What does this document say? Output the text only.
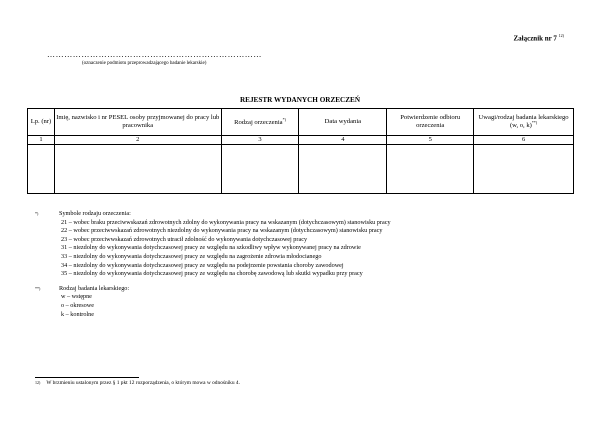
Załącznik nr 7 $^{12)}$
…………………………………………………………………
(oznaczenie podmiotu przeprowadzającego badanie lekarskie)
REJESTR WYDANYCH ORZECZEŃ
Lp. (nr)	Imię, nazwisko i nr PESEL osoby przyjmowanej do pracy lub pracownika	Rodzaj orzeczenia*)	Data wydania	Potwierdzenie odbioru orzeczenia	Uwagi/rodzaj badania lekarskiego (w, o, k)**)
1	2	3	4	5	6

*)	Symbole rodzaju orzeczenia:
21 – wobec braku przeciwwskazań zdrowotnych zdolny do wykonywania pracy na wskazanym (dotychczasowym) stanowisku pracy
22 – wobec przeciwwskazań zdrowotnych niezdolny do wykonywania pracy na wskazanym (dotychczasowym) stanowisku pracy
23 – wobec przeciwwskazań zdrowotnych utracił zdolność do wykonywania dotychczasowej pracy
31 – niezdolny do wykonywania dotychczasowej pracy ze względu na szkodliwy wpływ wykonywanej pracy na zdrowie
33 – niezdolny do wykonywania dotychczasowej pracy ze względu na zagrożenie zdrowia młodocianego
34 – niezdolny do wykonywania dotychczasowej pracy ze względu na podejrzenie powstania choroby zawodowej
35 – niezdolny do wykonywania dotychczasowej pracy ze względu na chorobę zawodową lub skutki wypadku przy pracy
**)	Rodzaj badania lekarskiego:
w – wstępne
o – okresowe
k – kontrolne
$^{12)}$ W brzmieniu ustalonym przez § 1 pkt 12 rozporządzenia, o którym mowa w odnośniku 4.
